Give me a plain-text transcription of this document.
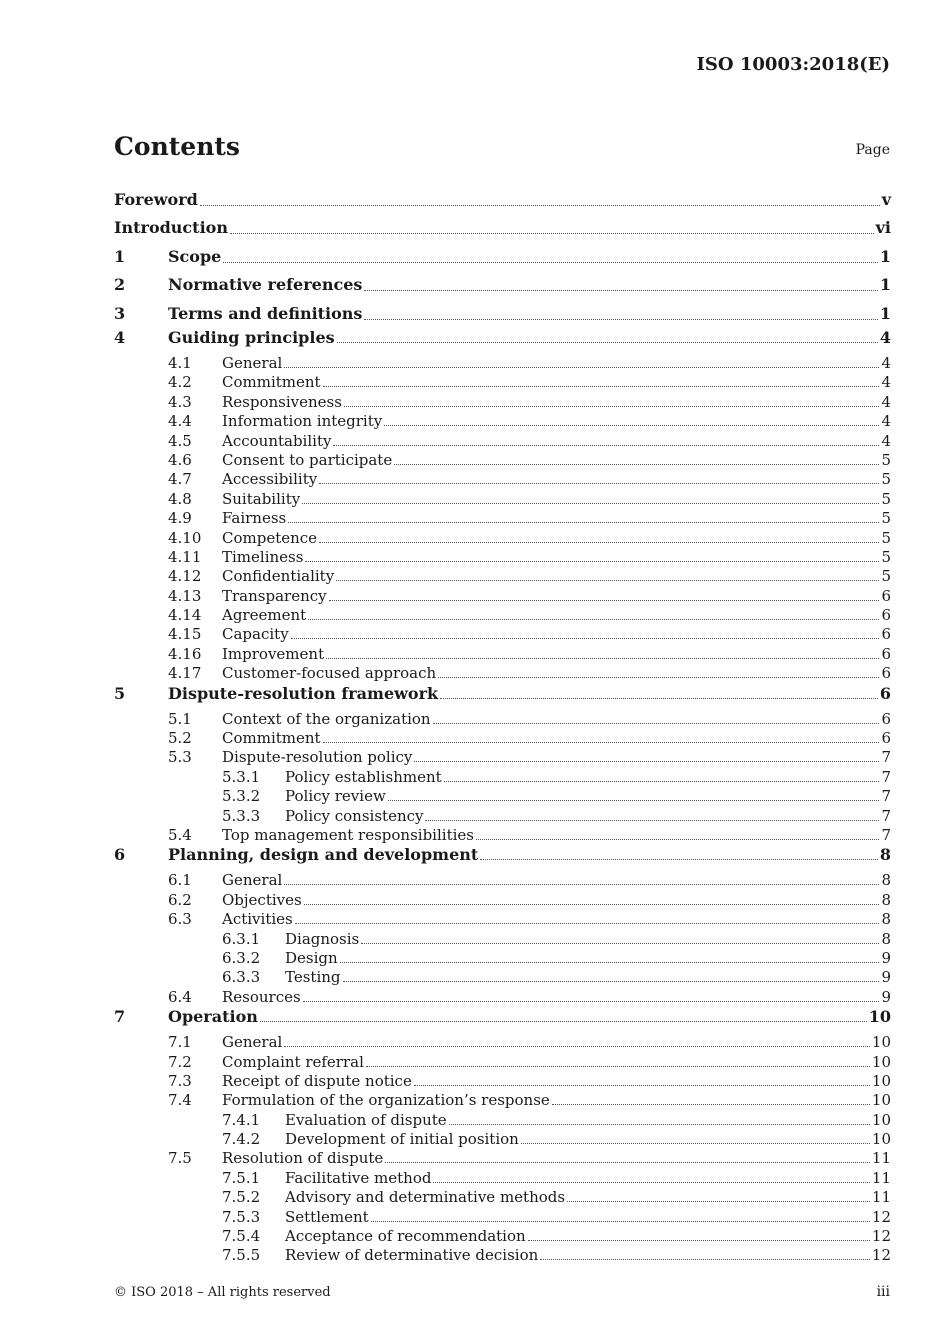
ISO 10003:2018(E)
Contents	Page
Foreword	v
Introduction	vi
1	Scope	1
2	Normative references	1
3	Terms and definitions	1
4	Guiding principles	4
4.1 General	4
4.2 Commitment	4
4.3 Responsiveness	4
4.4 Information integrity	4
4.5 Accountability	4
4.6 Consent to participate	5
4.7 Accessibility	5
4.8 Suitability	5
4.9 Fairness	5
4.10 Competence	5
4.11 Timeliness	5
4.12 Confidentiality	5
4.13 Transparency	6
4.14 Agreement	6
4.15 Capacity	6
4.16 Improvement	6
4.17 Customer-focused approach	6
5	Dispute-resolution framework	6
5.1 Context of the organization	6
5.2 Commitment	6
5.3 Dispute-resolution policy	7
5.3.1 Policy establishment	7
5.3.2 Policy review	7
5.3.3 Policy consistency	7
5.4 Top management responsibilities	7
6	Planning, design and development	8
6.1 General	8
6.2 Objectives	8
6.3 Activities	8
6.3.1 Diagnosis	8
6.3.2 Design	9
6.3.3 Testing	9
6.4 Resources	9
7	Operation	10
7.1 General	10
7.2 Complaint referral	10
7.3 Receipt of dispute notice	10
7.4 Formulation of the organization’s response	10
7.4.1 Evaluation of dispute	10
7.4.2 Development of initial position	10
7.5 Resolution of dispute	11
7.5.1 Facilitative method	11
7.5.2 Advisory and determinative methods	11
7.5.3 Settlement	12
7.5.4 Acceptance of recommendation	12
7.5.5 Review of determinative decision	12
© ISO 2018 – All rights reserved	iii
